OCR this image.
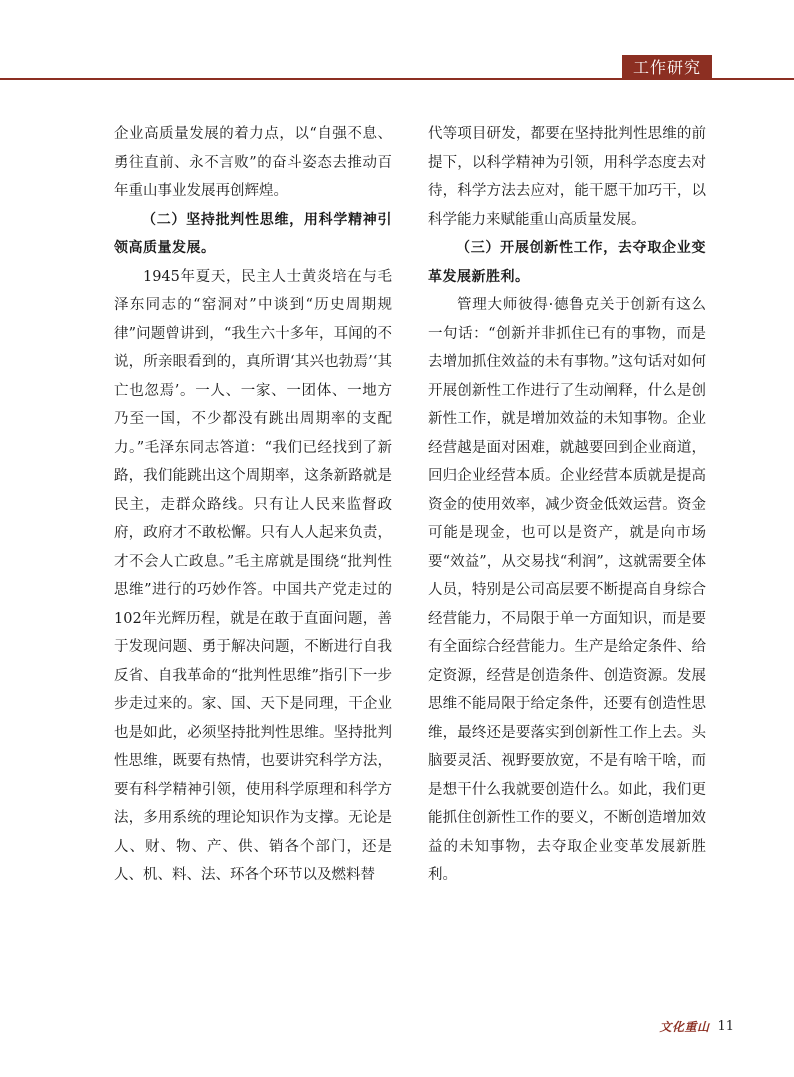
工作研究

企业高质量发展的着力点，以“自强不息、勇往直前、永不言败”的奋斗姿态去推动百年重山事业发展再创辉煌。

（二）坚持批判性思维，用科学精神引领高质量发展。

1945年夏天，民主人士黄炎培在与毛泽东同志的“窑洞对”中谈到“历史周期规律”问题曾讲到，“我生六十多年，耳闻的不说，所亲眼看到的，真所谓‘其兴也勃焉’‘其亡也忽焉’。一人、一家、一团体、一地方乃至一国，不少都没有跳出周期率的支配力。”毛泽东同志答道：“我们已经找到了新路，我们能跳出这个周期率，这条新路就是民主，走群众路线。只有让人民来监督政府，政府才不敢松懈。只有人人起来负责，才不会人亡政息。”毛主席就是围绕“批判性思维”进行的巧妙作答。中国共产党走过的102年光辉历程，就是在敢于直面问题，善于发现问题、勇于解决问题，不断进行自我反省、自我革命的“批判性思维”指引下一步步走过来的。家、国、天下是同理，干企业也是如此，必须坚持批判性思维。坚持批判性思维，既要有热情，也要讲究科学方法，要有科学精神引领，使用科学原理和科学方法，多用系统的理论知识作为支撑。无论是人、财、物、产、供、销各个部门，还是人、机、料、法、环各个环节以及燃料替

代等项目研发，都要在坚持批判性思维的前提下，以科学精神为引领，用科学态度去对待，科学方法去应对，能干愿干加巧干，以科学能力来赋能重山高质量发展。

（三）开展创新性工作，去夺取企业变革发展新胜利。

管理大师彼得·德鲁克关于创新有这么一句话：“创新并非抓住已有的事物，而是去增加抓住效益的未有事物。”这句话对如何开展创新性工作进行了生动阐释，什么是创新性工作，就是增加效益的未知事物。企业经营越是面对困难，就越要回到企业商道，回归企业经营本质。企业经营本质就是提高资金的使用效率，减少资金低效运营。资金可能是现金，也可以是资产，就是向市场要“效益”，从交易找“利润”，这就需要全体人员，特别是公司高层要不断提高自身综合经营能力，不局限于单一方面知识，而是要有全面综合经营能力。生产是给定条件、给定资源，经营是创造条件、创造资源。发展思维不能局限于给定条件，还要有创造性思维，最终还是要落实到创新性工作上去。头脑要灵活、视野要放宽，不是有啥干啥，而是想干什么我就要创造什么。如此，我们更能抓住创新性工作的要义，不断创造增加效益的未知事物，去夺取企业变革发展新胜利。

文化重山 11
